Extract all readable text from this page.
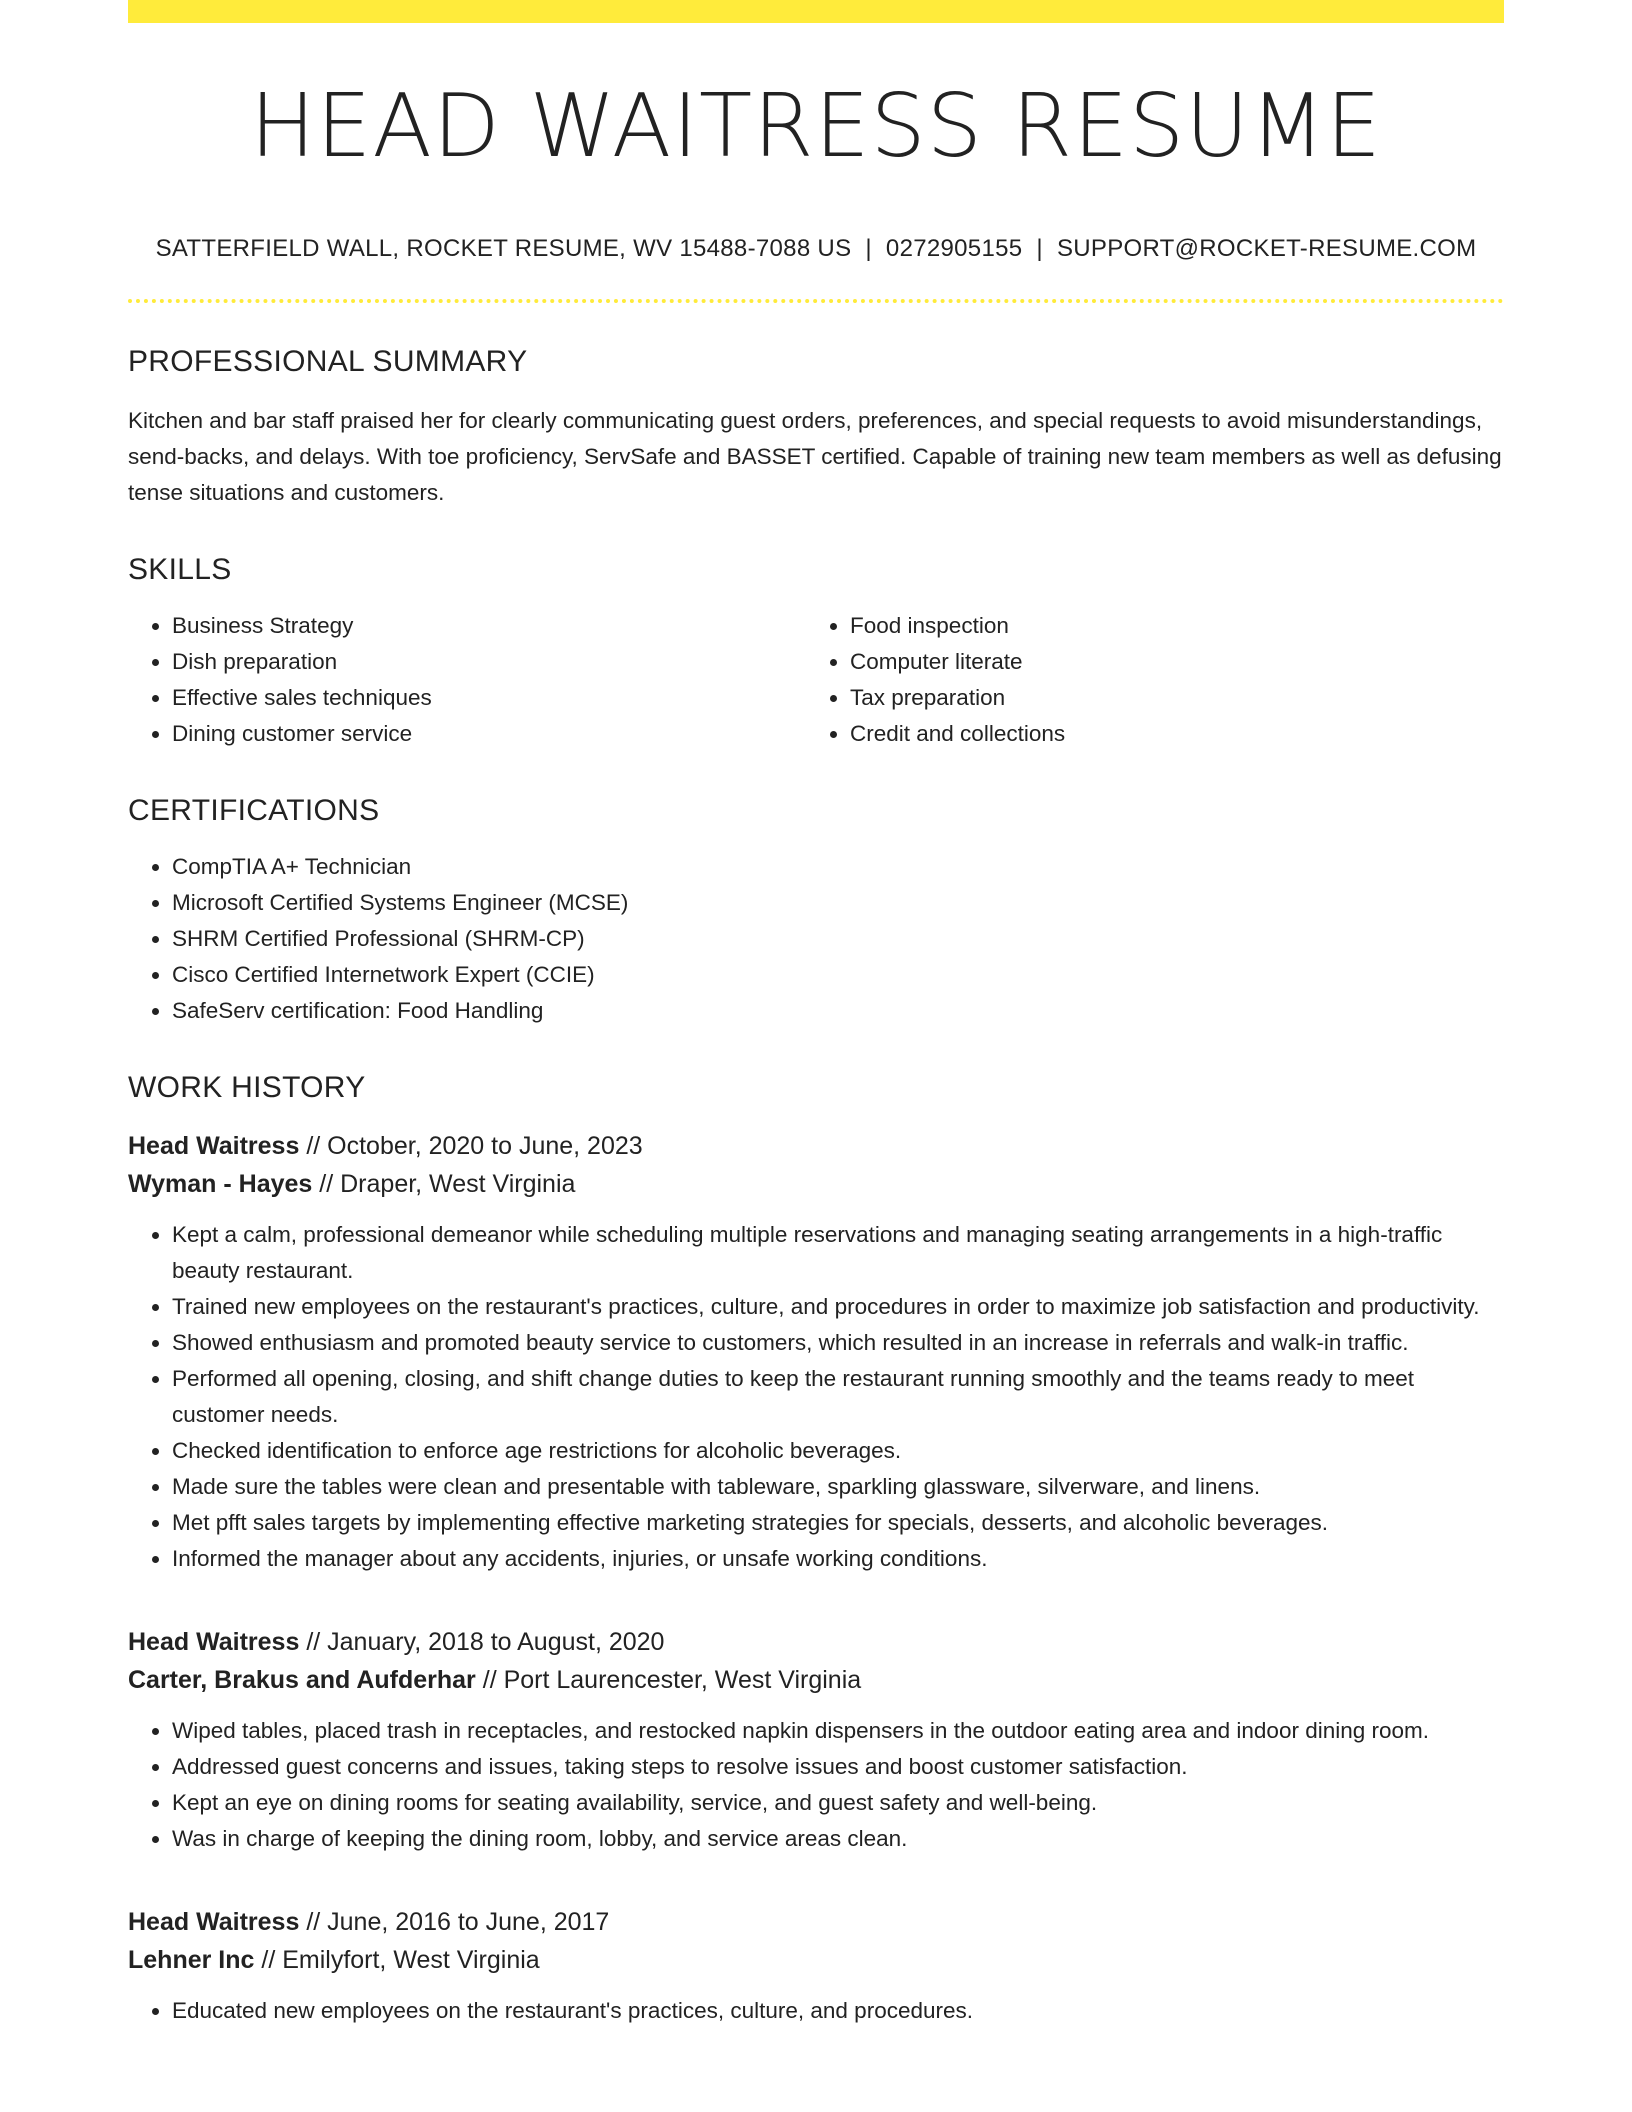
HEAD WAITRESS RESUME
SATTERFIELD WALL, ROCKET RESUME, WV 15488-7088 US | 0272905155 | SUPPORT@ROCKET-RESUME.COM
PROFESSIONAL SUMMARY

Kitchen and bar staff praised her for clearly communicating guest orders, preferences, and special requests to avoid misunderstandings, send-backs, and delays. With toe proficiency, ServSafe and BASSET certified. Capable of training new team members as well as defusing tense situations and customers.

SKILLS
• Business Strategy
• Dish preparation
• Effective sales techniques
• Dining customer service
• Food inspection
• Computer literate
• Tax preparation
• Credit and collections
CERTIFICATIONS
• CompTIA A+ Technician
• Microsoft Certified Systems Engineer (MCSE)
• SHRM Certified Professional (SHRM-CP)
• Cisco Certified Internetwork Expert (CCIE)
• SafeServ certification: Food Handling
WORK HISTORY
Head Waitress // October, 2020 to June, 2023
Wyman - Hayes // Draper, West Virginia
• Kept a calm, professional demeanor while scheduling multiple reservations and managing seating arrangements in a high-traffic beauty restaurant.
• Trained new employees on the restaurant's practices, culture, and procedures in order to maximize job satisfaction and productivity.
• Showed enthusiasm and promoted beauty service to customers, which resulted in an increase in referrals and walk-in traffic.
• Performed all opening, closing, and shift change duties to keep the restaurant running smoothly and the teams ready to meet customer needs.
• Checked identification to enforce age restrictions for alcoholic beverages.
• Made sure the tables were clean and presentable with tableware, sparkling glassware, silverware, and linens.
• Met pfft sales targets by implementing effective marketing strategies for specials, desserts, and alcoholic beverages.
• Informed the manager about any accidents, injuries, or unsafe working conditions.
Head Waitress // January, 2018 to August, 2020
Carter, Brakus and Aufderhar // Port Laurencester, West Virginia
• Wiped tables, placed trash in receptacles, and restocked napkin dispensers in the outdoor eating area and indoor dining room.
• Addressed guest concerns and issues, taking steps to resolve issues and boost customer satisfaction.
• Kept an eye on dining rooms for seating availability, service, and guest safety and well-being.
• Was in charge of keeping the dining room, lobby, and service areas clean.
Head Waitress // June, 2016 to June, 2017
Lehner Inc // Emilyfort, West Virginia
• Educated new employees on the restaurant's practices, culture, and procedures.
